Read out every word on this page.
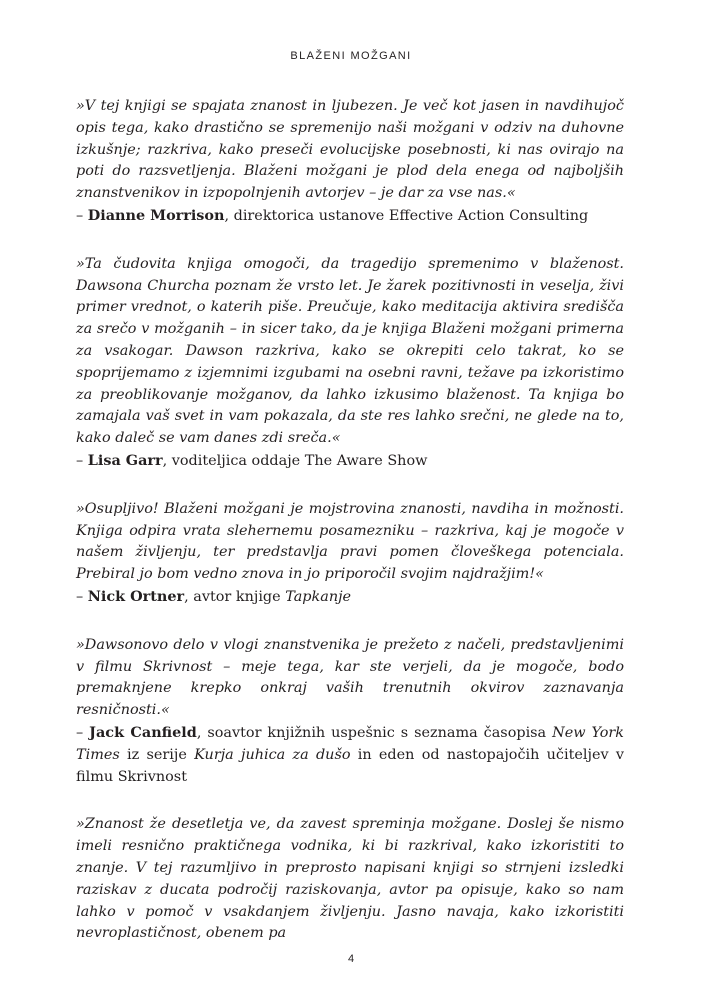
BLAŽENI MOŽGANI

»V tej knjigi se spajata znanost in ljubezen. Je več kot jasen in navdihujoč opis tega, kako drastično se spremenijo naši možgani v odziv na duhovne izkušnje; razkriva, kako preseči evolucijske posebnosti, ki nas ovirajo na poti do razsvetljenja. Blaženi možgani je plod dela enega od najboljših znanstvenikov in izpopolnjenih avtorjev – je dar za vse nas.«

– Dianne Morrison, direktorica ustanove Effective Action Consulting

»Ta čudovita knjiga omogoči, da tragedijo spremenimo v blaženost. Dawsona Churcha poznam že vrsto let. Je žarek pozitivnosti in veselja, živi primer vrednot, o katerih piše. Preučuje, kako meditacija aktivira središča za srečo v možganih – in sicer tako, da je knjiga Blaženi možgani primerna za vsakogar. Dawson razkriva, kako se okrepiti celo takrat, ko se spoprijemamo z izjemnimi izgubami na osebni ravni, težave pa izkoristimo za preoblikovanje možganov, da lahko izkusimo blaženost. Ta knjiga bo zamajala vaš svet in vam pokazala, da ste res lahko srečni, ne glede na to, kako daleč se vam danes zdi sreča.«

– Lisa Garr, voditeljica oddaje The Aware Show

»Osupljivo! Blaženi možgani je mojstrovina znanosti, navdiha in možnosti. Knjiga odpira vrata slehernemu posamezniku – razkriva, kaj je mogoče v našem življenju, ter predstavlja pravi pomen človeškega potenciala. Prebiral jo bom vedno znova in jo priporočil svojim najdražjim!«

– Nick Ortner, avtor knjige Tapkanje

»Dawsonovo delo v vlogi znanstvenika je prežeto z načeli, predstavljenimi v filmu Skrivnost – meje tega, kar ste verjeli, da je mogoče, bodo premaknjene krepko onkraj vaših trenutnih okvirov zaznavanja resničnosti.«

– Jack Canfield, soavtor knjižnih uspešnic s seznama časopisa New York Times iz serije Kurja juhica za dušo in eden od nastopajočih učiteljev v filmu Skrivnost

»Znanost že desetletja ve, da zavest spreminja možgane. Doslej še nismo imeli resnično praktičnega vodnika, ki bi razkrival, kako izkoristiti to znanje. V tej razumljivo in preprosto napisani knjigi so strnjeni izsledki raziskav z ducata področij raziskovanja, avtor pa opisuje, kako so nam lahko v pomoč v vsakdanjem življenju. Jasno navaja, kako izkoristiti nevroplastičnost, obenem pa

4
